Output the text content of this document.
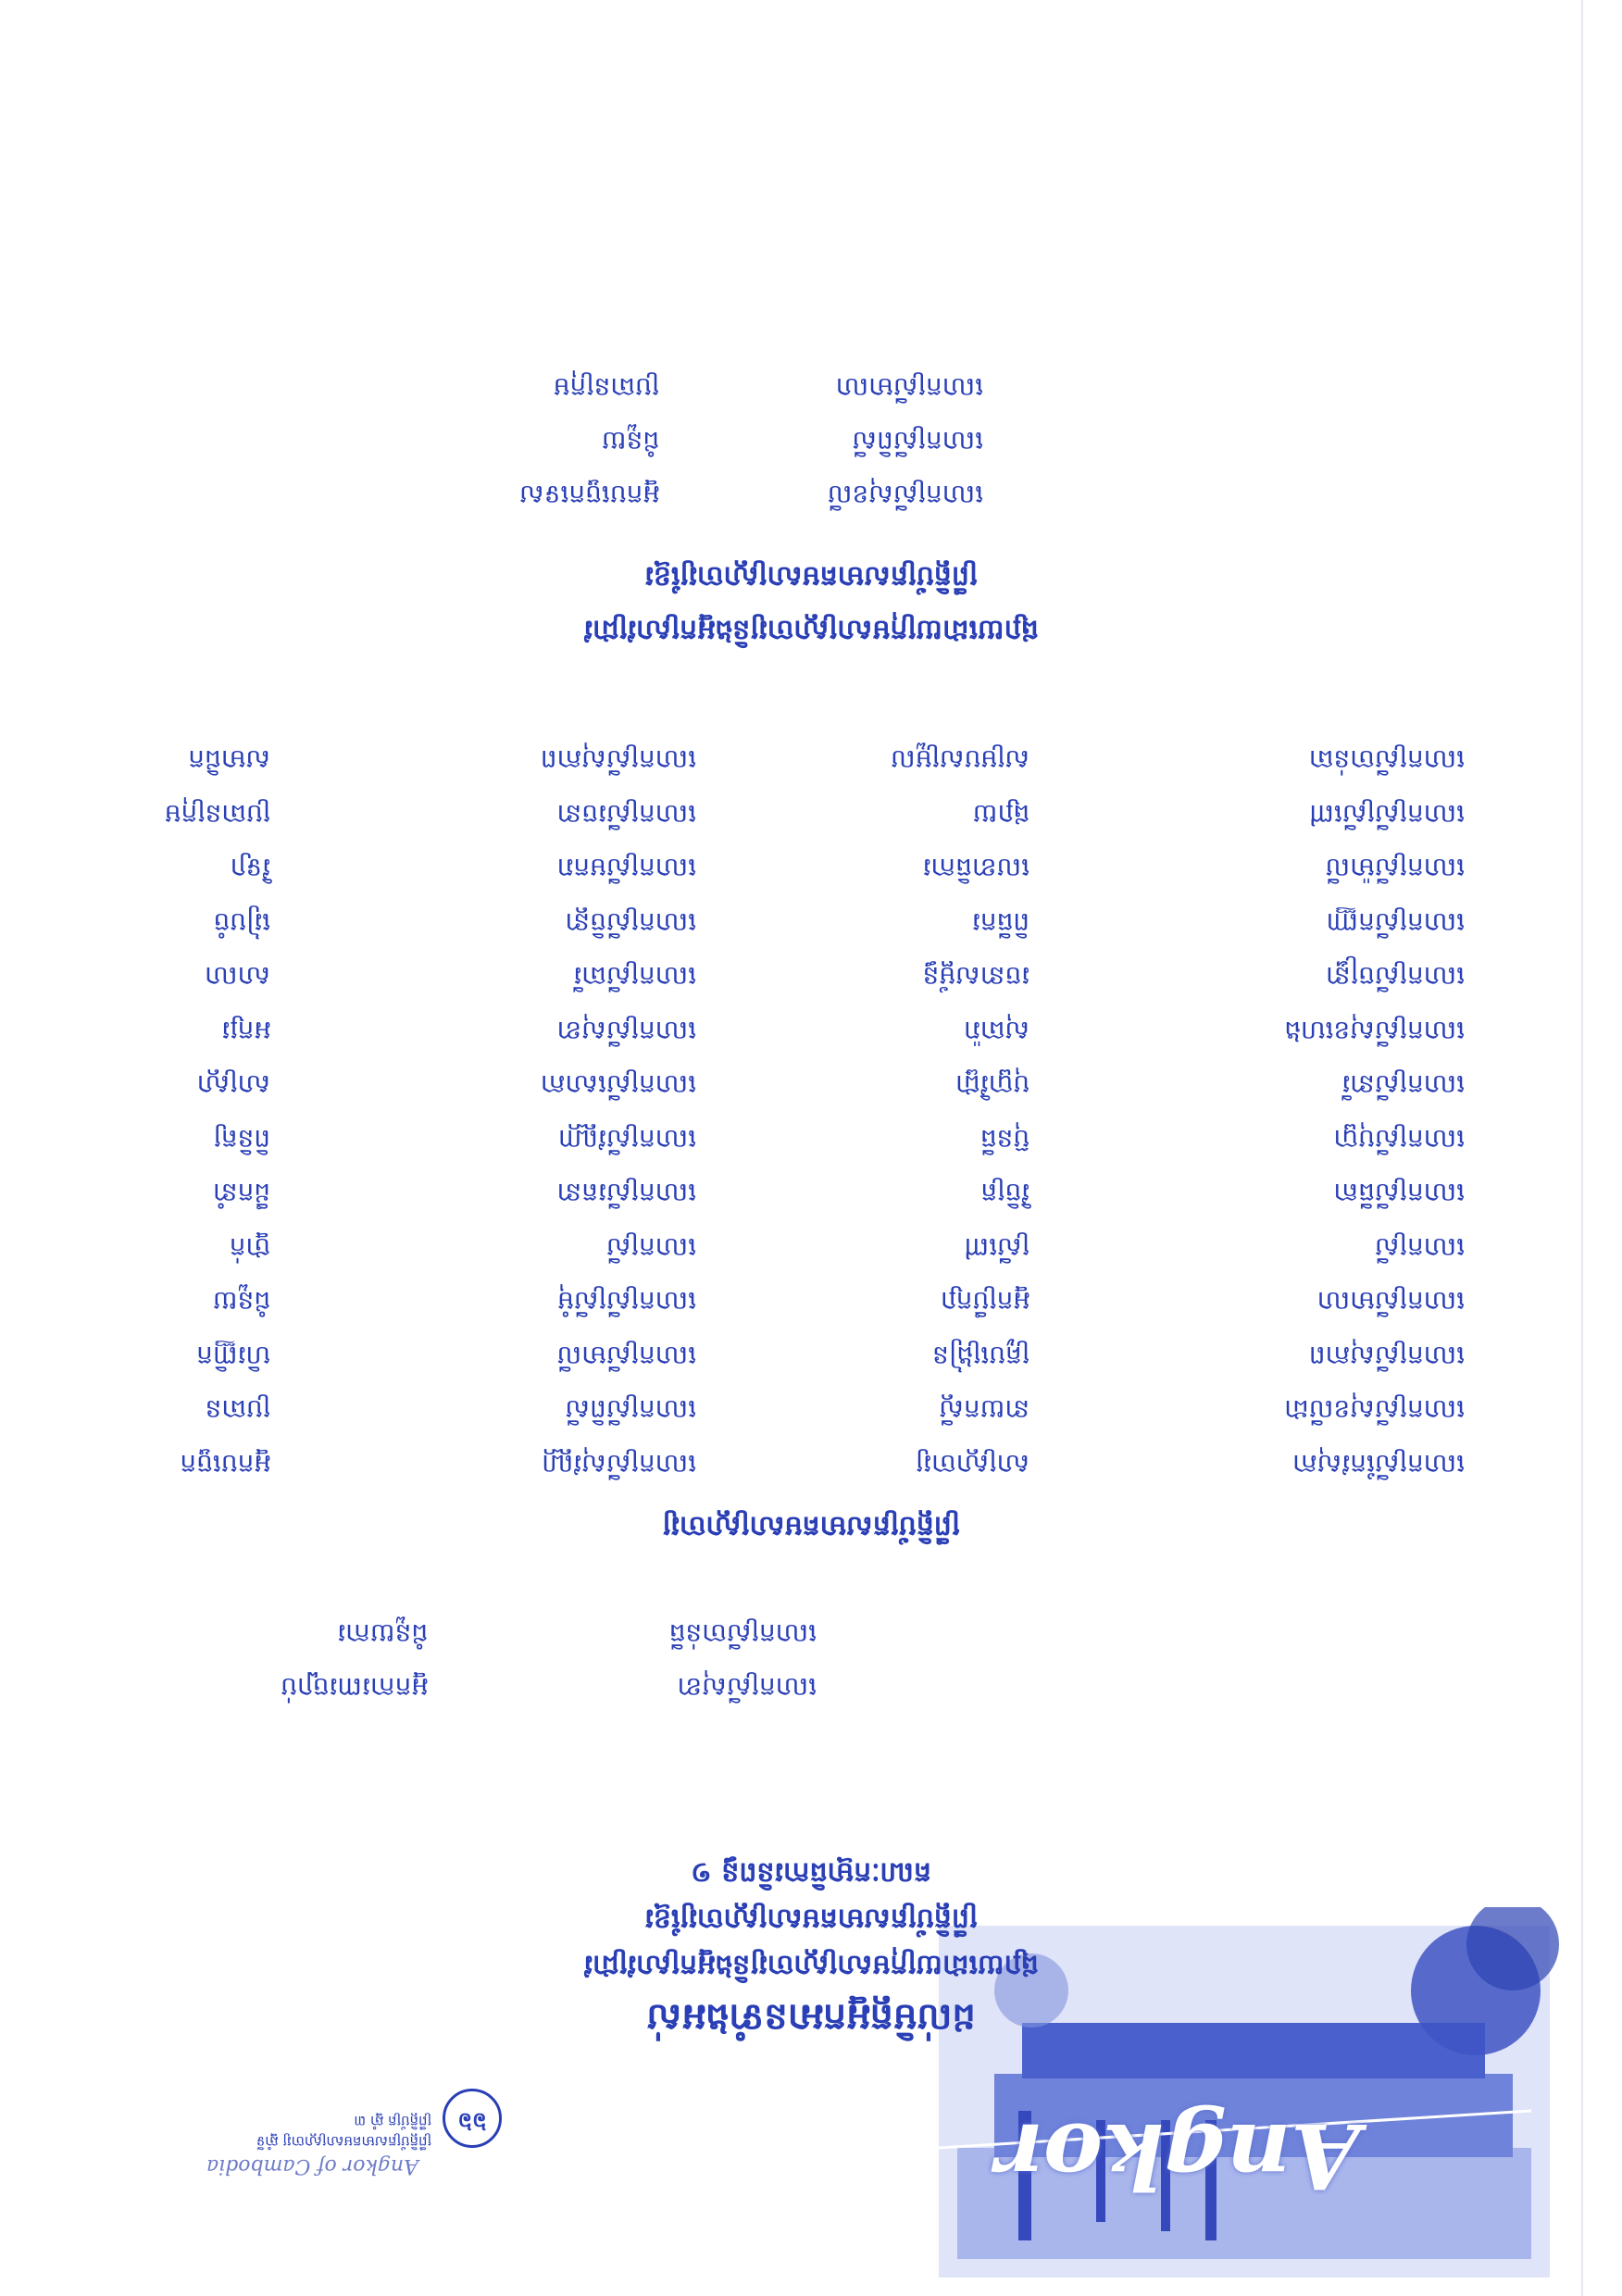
Angkor
៦៦
ព្រឹត្តិប័ត្រសមាគមសាស្ត្រាចារ្យ ឆ្នាំទី
ព្រឹត្តិប័ត្រ ឆ្នាំ ៣
Angkor of Cambodia
ដល់មិត្តអ្នកអានទាំងអស់
ផ្សាយដោយក្រុមសាស្ត្រាចារ្យនិងអ្នកស្រាវជ្រាវ
ព្រឹត្តិប័ត្រសមាគមសាស្ត្រាចារ្យខ្មែរ
គណៈកម្មាធិការនិពន្ធ ១
លោកស្រីសុខា
អ្នកការពារច្បាប់
លោកស្រីចាន់ធី
ជំនួយការ
ព្រឹត្តិប័ត្រសមាគមសាស្ត្រាចារ្យ
លោកស្រីកែវសុភា
លោកស្រីសុខលីដា
លោកស្រីសុភាព
លោកស្រីមាលា
លោកស្រី
លោកស្រីធីតា
លោកស្រីបុប្ផា
លោកស្រីនារី
លោកស្រីសុខហេង
លោកស្រីចន្ទ្រា
លោកស្រីកញ្ញា
លោកស្រីម៉ាលី
លោកស្រីស្រីពៅ
លោកស្រីចាន់ធា
សាស្ត្រាចារ្យ
នាយកស្តី
គ្រូបង្រៀន
អ្នកប្រឹក្សា
ស្រីពៅ
វិចិត្រ
ប៊ុនធី
បុប្ផាវិជ្ជា
សុធារ៉ា
រចនាសម្ព័ន្ធ
ពិធីករ
លេខាធិការ
ផ្សាយ
សម្របសម្រួល
លោកស្រីសុវណ្ណ
លោកស្រីពិសី
លោកស្រីមាលី
លោកស្រីស្រីមុំ
លោកស្រី
លោកស្រីរតនា
លោកស្រីវណ្ណា
លោកស្រីសោភា
លោកស្រីសុខា
លោកស្រីធារី
លោកស្រីចិន្ដា
លោកស្រីមករា
លោកស្រីរចនា
លោកស្រីសុភាព
អ្នកបច្ចេក
ប្រធាន
ហិរញ្ញិក
ជំនួយ
ថ្នាក់
ដឹកនាំ
ពិនិត្យ
សាស្ត្រា
អក្សរ
សាលា
រៀបចំ
វិទ្យា
ប្រធានក្រុម
សមាជិក
ផ្សាយដោយក្រុមសាស្ត្រាចារ្យនិងអ្នកស្រាវជ្រាវ
ព្រឹត្តិប័ត្រសមាគមសាស្ត្រាចារ្យខ្មែរ
លោកស្រីសុខលី
អ្នកបច្ចេកទេស
លោកស្រីពិសី
ជំនួយ
លោកស្រីមាលា
ប្រធានក្រុម
